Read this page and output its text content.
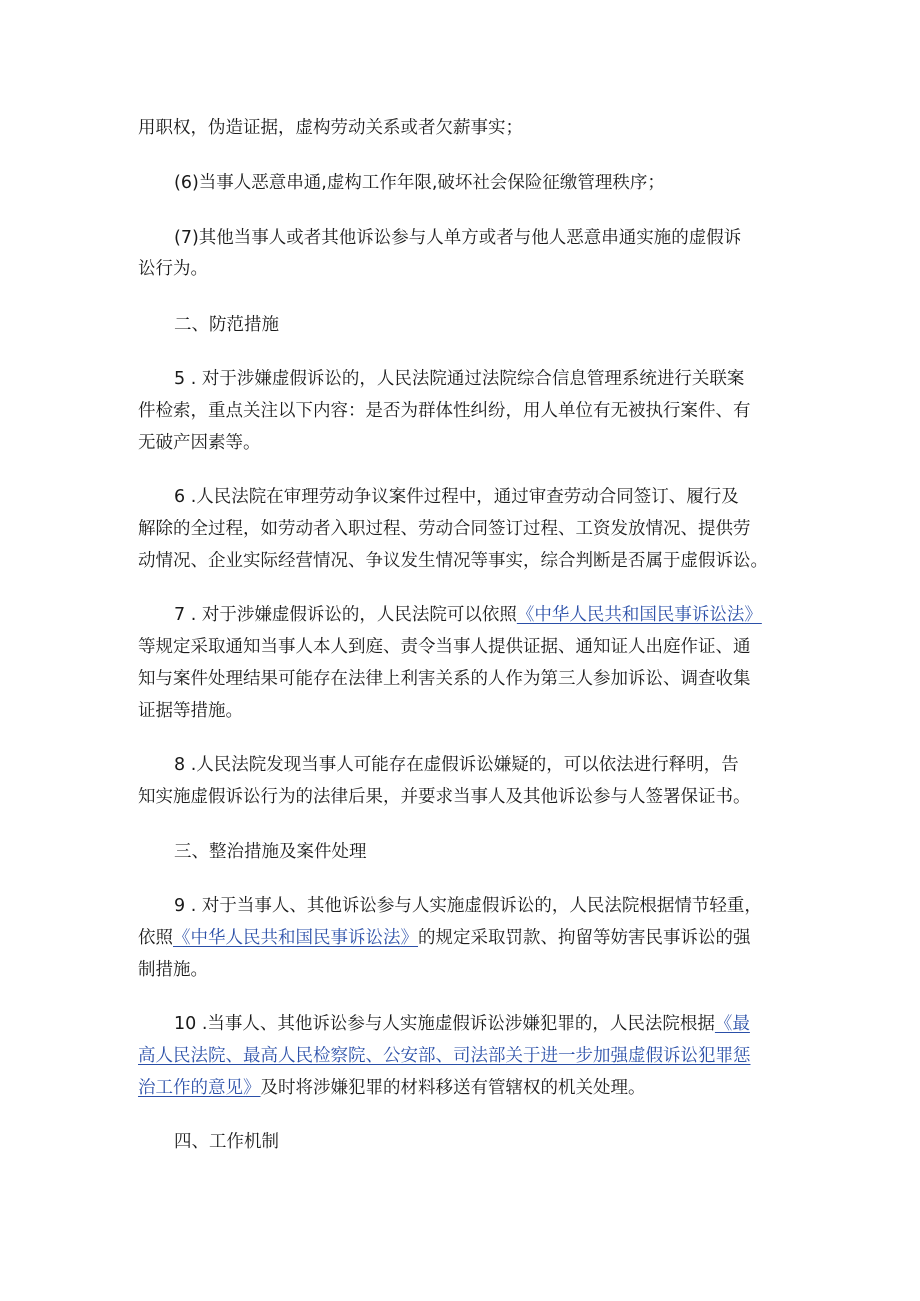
用职权，伪造证据，虚构劳动关系或者欠薪事实；
(6)当事人恶意串通,虚构工作年限,破坏社会保险征缴管理秩序；
(7)其他当事人或者其他诉讼参与人单方或者与他人恶意串通实施的虚假诉
讼行为。
二、防范措施
5 . 对于涉嫌虚假诉讼的，人民法院通过法院综合信息管理系统进行关联案
件检索，重点关注以下内容：是否为群体性纠纷，用人单位有无被执行案件、有
无破产因素等。
6 .人民法院在审理劳动争议案件过程中，通过审查劳动合同签订、履行及
解除的全过程，如劳动者入职过程、劳动合同签订过程、工资发放情况、提供劳
动情况、企业实际经营情况、争议发生情况等事实，综合判断是否属于虚假诉讼。
7 . 对于涉嫌虚假诉讼的，人民法院可以依照《中华人民共和国民事诉讼法》
等规定采取通知当事人本人到庭、责令当事人提供证据、通知证人出庭作证、通
知与案件处理结果可能存在法律上利害关系的人作为第三人参加诉讼、调查收集
证据等措施。
8 .人民法院发现当事人可能存在虚假诉讼嫌疑的，可以依法进行释明，告
知实施虚假诉讼行为的法律后果，并要求当事人及其他诉讼参与人签署保证书。
三、整治措施及案件处理
9 . 对于当事人、其他诉讼参与人实施虚假诉讼的，人民法院根据情节轻重，
依照《中华人民共和国民事诉讼法》的规定采取罚款、拘留等妨害民事诉讼的强
制措施。
10 .当事人、其他诉讼参与人实施虚假诉讼涉嫌犯罪的，人民法院根据《最
高人民法院、最高人民检察院、公安部、司法部关于进一步加强虚假诉讼犯罪惩
治工作的意见》及时将涉嫌犯罪的材料移送有管辖权的机关处理。
四、工作机制
